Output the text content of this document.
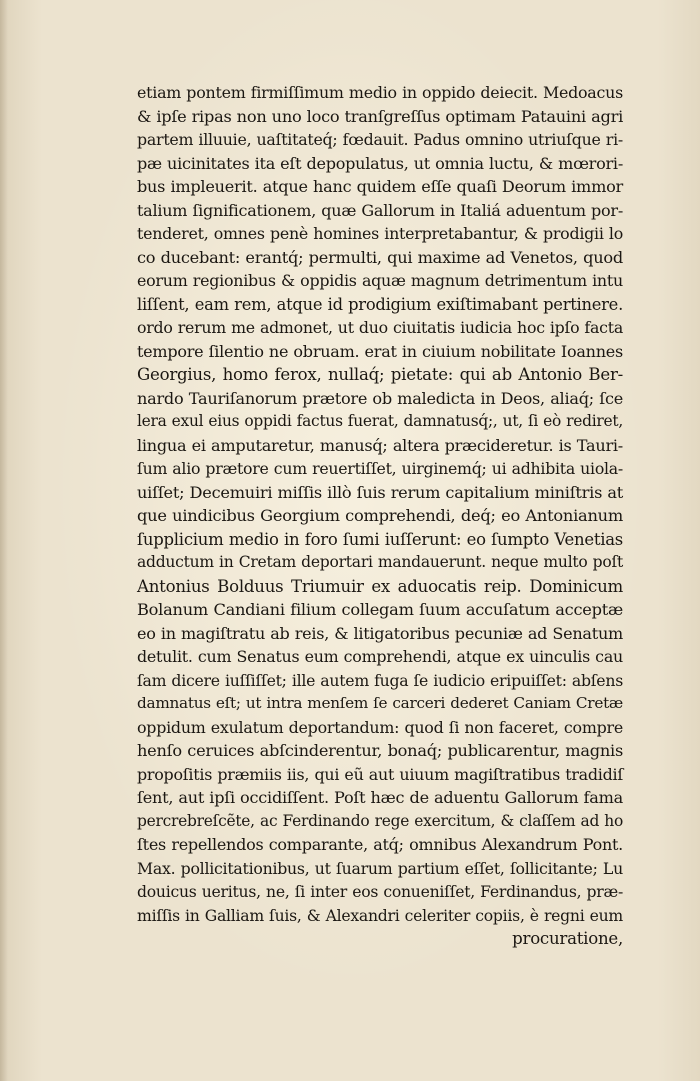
etiam pontem firmiſſimum medio in oppido deiecit. Medoacus
& ipſe ripas non uno loco tranſgreſſus optimam Patauini agri
partem illuuie, uaſtitateq́; fœdauit. Padus omnino utriuſque ri-
pæ uicinitates ita eſt depopulatus, ut omnia luctu, & mœrori-
bus impleuerit. atque hanc quidem eſſe quaſi Deorum immor
talium ſignificationem, quæ Gallorum in Italiá aduentum por-
tenderet, omnes penè homines interpretabantur, & prodigii lo
co ducebant: erantq́; permulti, qui maxime ad Venetos, quod
eorum regionibus & oppidis aquæ magnum detrimentum intu
liſſent, eam rem, atque id prodigium exiſtimabant pertinere.
ordo rerum me admonet, ut duo ciuitatis iudicia hoc ipſo facta
tempore ſilentio ne obruam. erat in ciuium nobilitate Ioannes
Georgius, homo ferox, nullaq́; pietate: qui ab Antonio Ber-
nardo Tauriſanorum prætore ob maledicta in Deos, aliaq́; ſce
lera exul eius oppidi factus fuerat, damnatusq́;, ut, ſi eò rediret,
lingua ei amputaretur, manusq́; altera præcideretur. is Tauri-
ſum alio prætore cum reuertiſſet, uirginemq́; ui adhibita uiola-
uiſſet; Decemuiri miſſis illò ſuis rerum capitalium miniſtris at
que uindicibus Georgium comprehendi, deq́; eo Antonianum
ſupplicium medio in foro ſumi iuſſerunt: eo ſumpto Venetias
adductum in Cretam deportari mandauerunt. neque multo poſt
Antonius Bolduus Triumuir ex aduocatis reip. Dominicum
Bolanum Candiani filium collegam ſuum accuſatum acceptæ
eo in magiſtratu ab reis, & litigatoribus pecuniæ ad Senatum
detulit. cum Senatus eum comprehendi, atque ex uinculis cau
ſam dicere iuſſiſſet; ille autem fuga ſe iudicio eripuiſſet: abſens
damnatus eſt; ut intra menſem ſe carceri dederet Caniam Cretæ
oppidum exulatum deportandum: quod ſi non faceret, compre
henſo ceruices abſcinderentur, bonaq́; publicarentur, magnis
propoſitis præmiis iis, qui eũ aut uiuum magiſtratibus tradidiſ
ſent, aut ipſi occidiſſent. Poſt hæc de aduentu Gallorum fama
percrebreſcẽte, ac Ferdinando rege exercitum, & claſſem ad ho
ſtes repellendos comparante, atq́; omnibus Alexandrum Pont.
Max. pollicitationibus, ut ſuarum partium eſſet, ſollicitante; Lu
douicus ueritus, ne, ſi inter eos conueniſſet, Ferdinandus, præ-
miſſis in Galliam ſuis, & Alexandri celeriter copiis, è regni eum
procuratione,
